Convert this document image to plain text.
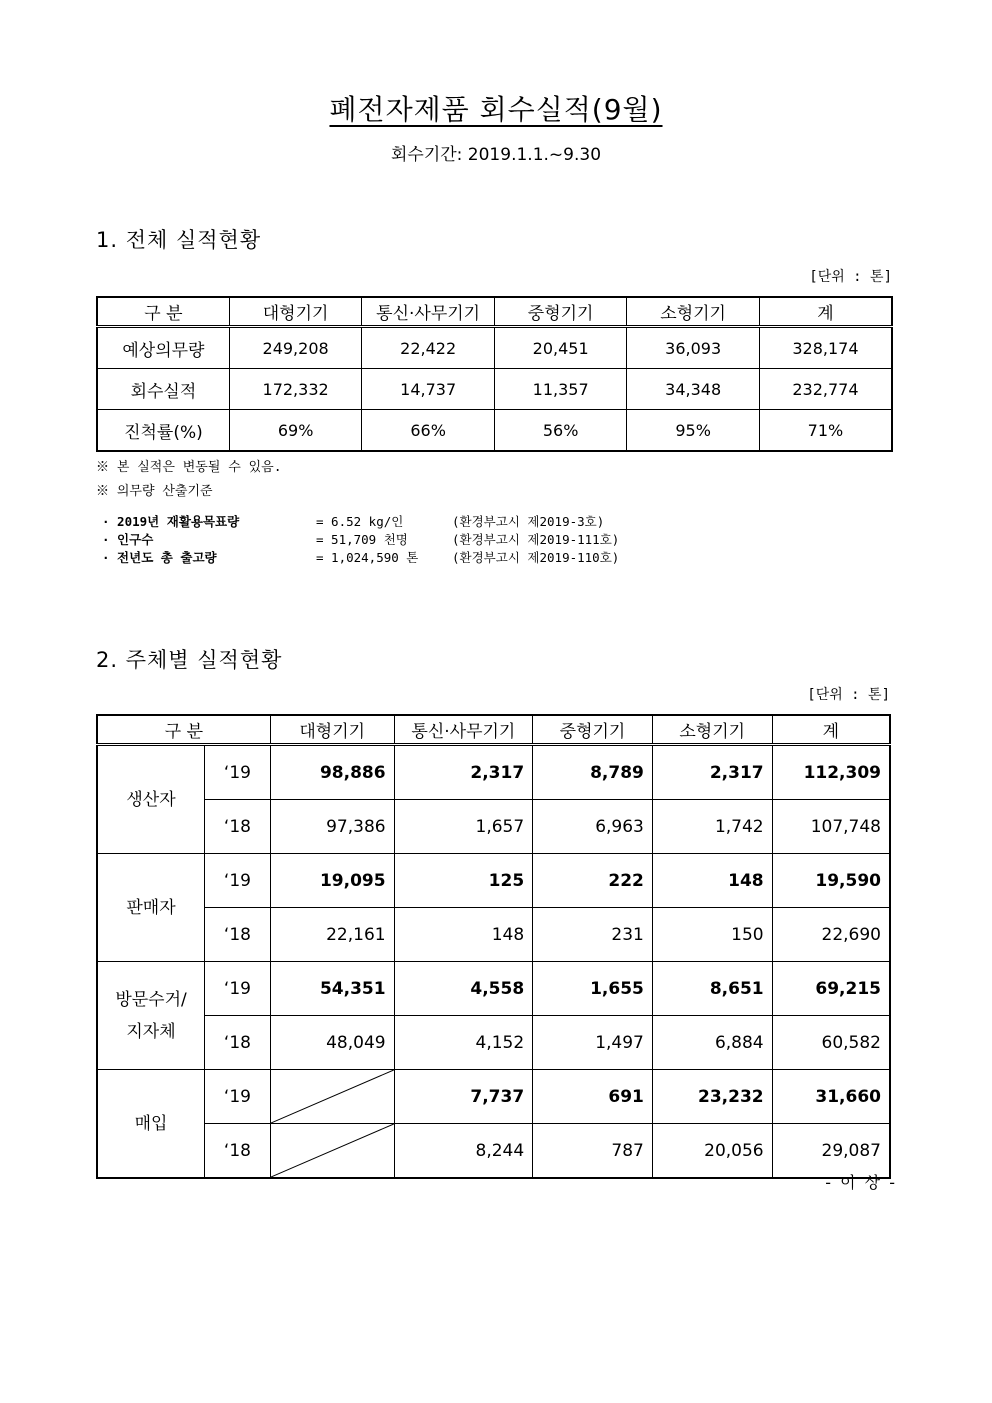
폐전자제품 회수실적(9월)
회수기간: 2019.1.1.~9.30
1. 전체 실적현황
[단위 : 톤]
구 분	대형기기	통신·사무기기	중형기기	소형기기	계
예상의무량	249,208	22,422	20,451	36,093	328,174
회수실적	172,332	14,737	11,357	34,348	232,774
진척률(%)	69%	66%	56%	95%	71%
※ 본 실적은 변동될 수 있음.
※ 의무량 산출기준
· 2019년 재활용목표량	= 6.52 kg/인	(환경부고시 제2019-3호)
· 인구수	= 51,709 천명	(환경부고시 제2019-111호)
· 전년도 총 출고량	= 1,024,590 톤	(환경부고시 제2019-110호)
2. 주체별 실적현황
[단위 : 톤]
구 분		대형기기	통신·사무기기	중형기기	소형기기	계

생산자	‘19	98,886	2,317	8,789	2,317	112,309
	‘18	97,386	1,657	6,963	1,742	107,748

판매자	‘19	19,095	125	222	148	19,590
	‘18	22,161	148	231	150	22,690

방문수거/
지자체	‘19	54,351	4,558	1,655	8,651	69,215
	‘18	48,049	4,152	1,497	6,884	60,582

매입	‘19		7,737	691	23,232	31,660
	‘18		8,244	787	20,056	29,087
- 이 상 -
